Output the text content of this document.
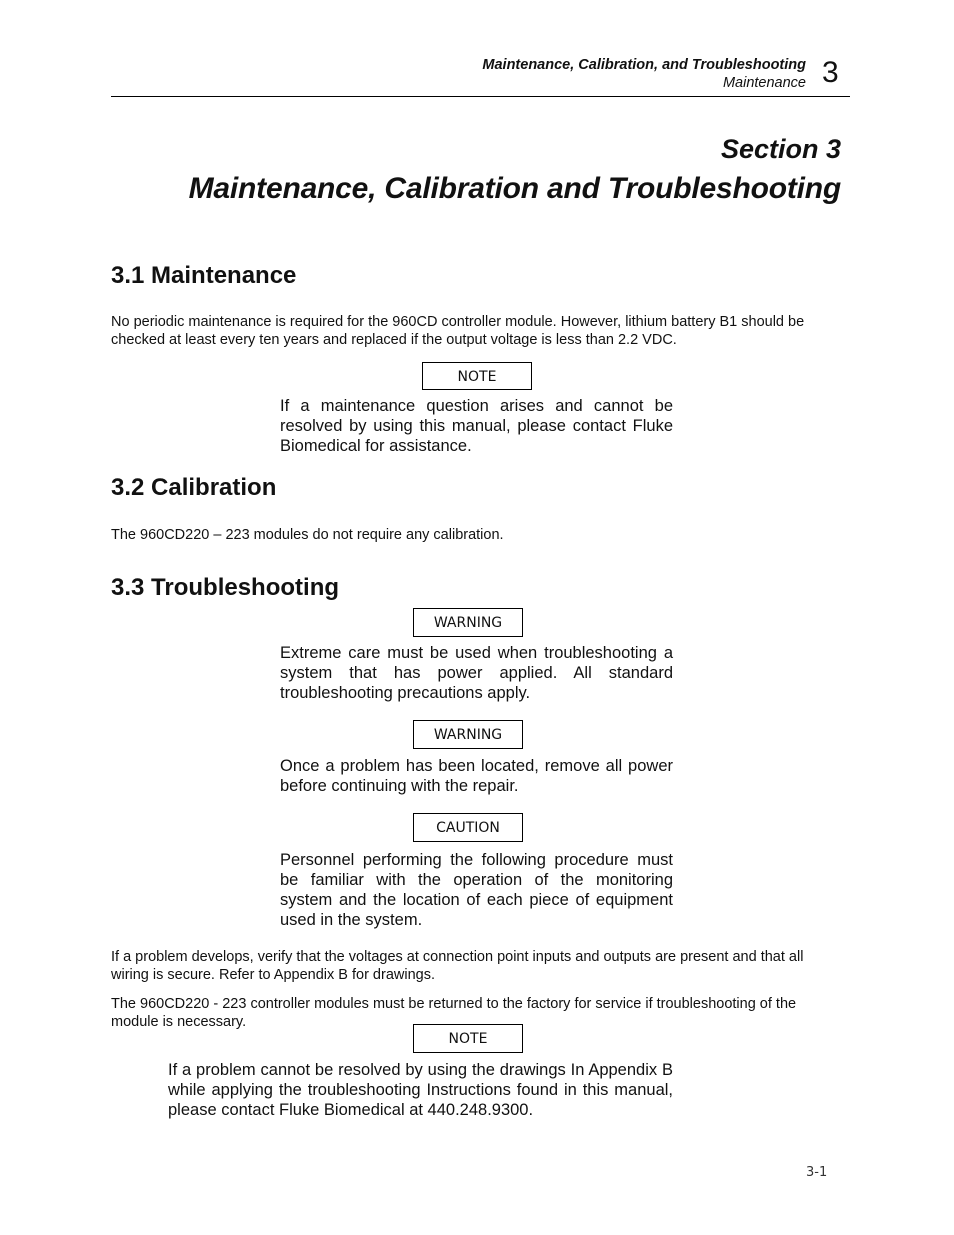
Maintenance, Calibration, and Troubleshooting
Maintenance 3
Section 3
Maintenance, Calibration and Troubleshooting
3.1 Maintenance
No periodic maintenance is required for the 960CD controller module. However, lithium battery B1 should be checked at least every ten years and replaced if the output voltage is less than 2.2 VDC.
NOTE
If a maintenance question arises and cannot be resolved by using this manual, please contact Fluke Biomedical for assistance.
3.2 Calibration
The 960CD220 – 223 modules do not require any calibration.
3.3 Troubleshooting
WARNING
Extreme care must be used when troubleshooting a system that has power applied. All standard troubleshooting precautions apply.
WARNING
Once a problem has been located, remove all power before continuing with the repair.
CAUTION
Personnel performing the following procedure must be familiar with the operation of the monitoring system and the location of each piece of equipment used in the system.
If a problem develops, verify that the voltages at connection point inputs and outputs are present and that all wiring is secure. Refer to Appendix B for drawings.
The 960CD220 - 223 controller modules must be returned to the factory for service if troubleshooting of the module is necessary.
NOTE
If a problem cannot be resolved by using the drawings In Appendix B while applying the troubleshooting Instructions found in this manual, please contact Fluke Biomedical at 440.248.9300.
3-1
